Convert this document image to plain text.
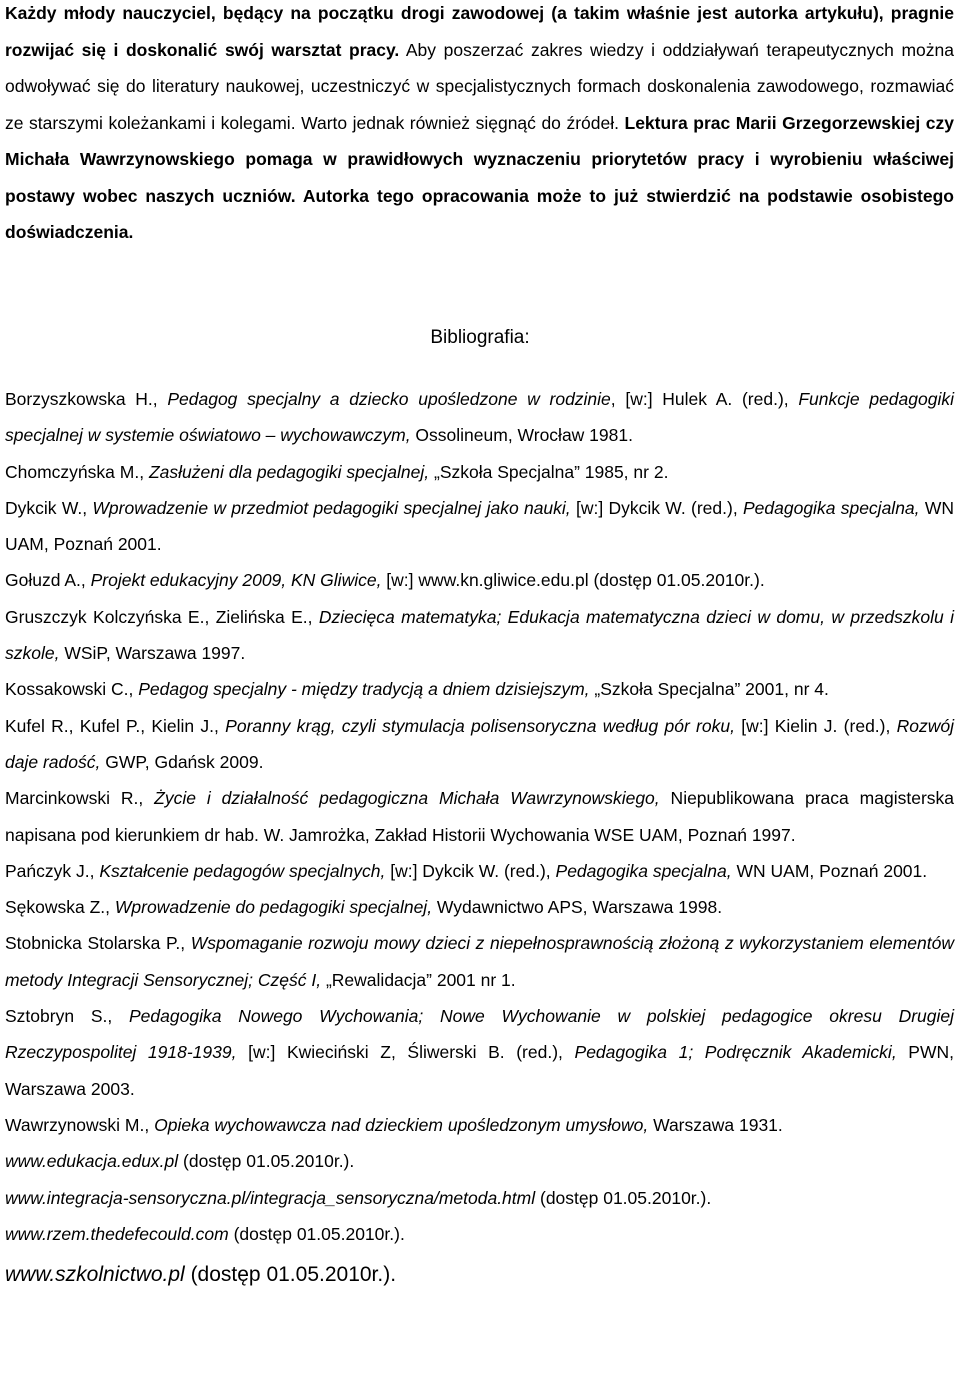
Każdy młody nauczyciel, będący na początku drogi zawodowej (a takim właśnie jest autorka artykułu), pragnie rozwijać się i doskonalić swój warsztat pracy. Aby poszerzać zakres wiedzy i oddziaływań terapeutycznych można odwoływać się do literatury naukowej, uczestniczyć w specjalistycznych formach doskonalenia zawodowego, rozmawiać ze starszymi koleżankami i kolegami. Warto jednak również sięgnąć do źródeł. Lektura prac Marii Grzegorzewskiej czy Michała Wawrzynowskiego pomaga w prawidłowych wyznaczeniu priorytetów pracy i wyrobieniu właściwej postawy wobec naszych uczniów. Autorka tego opracowania może to już stwierdzić na podstawie osobistego doświadczenia.

Bibliografia:
Borzyszkowska H., Pedagog specjalny a dziecko upośledzone w rodzinie, [w:] Hulek A. (red.), Funkcje pedagogiki specjalnej w systemie oświatowo – wychowawczym, Ossolineum, Wrocław 1981.
Chomczyńska M., Zasłużeni dla pedagogiki specjalnej, „Szkoła Specjalna” 1985, nr 2.
Dykcik W., Wprowadzenie w przedmiot pedagogiki specjalnej jako nauki, [w:] Dykcik W. (red.), Pedagogika specjalna, WN UAM, Poznań 2001.
Gołuzd A., Projekt edukacyjny 2009, KN Gliwice, [w:] www.kn.gliwice.edu.pl (dostęp 01.05.2010r.).
Gruszczyk Kolczyńska E., Zielińska E., Dziecięca matematyka; Edukacja matematyczna dzieci w domu, w przedszkolu i szkole, WSiP, Warszawa 1997.
Kossakowski C., Pedagog specjalny - między tradycją a dniem dzisiejszym, „Szkoła Specjalna” 2001, nr 4.
Kufel R., Kufel P., Kielin J., Poranny krąg, czyli stymulacja polisensoryczna według pór roku, [w:] Kielin J. (red.), Rozwój daje radość, GWP, Gdańsk 2009.
Marcinkowski R., Życie i działalność pedagogiczna Michała Wawrzynowskiego, Niepublikowana praca magisterska napisana pod kierunkiem dr hab. W. Jamrożka, Zakład Historii Wychowania WSE UAM, Poznań 1997.
Pańczyk J., Kształcenie pedagogów specjalnych, [w:] Dykcik W. (red.), Pedagogika specjalna, WN UAM, Poznań 2001.
Sękowska Z., Wprowadzenie do pedagogiki specjalnej, Wydawnictwo APS, Warszawa 1998.
Stobnicka Stolarska P., Wspomaganie rozwoju mowy dzieci z niepełnosprawnością złożoną z wykorzystaniem elementów metody Integracji Sensorycznej; Część I, „Rewalidacja” 2001 nr 1.
Sztobryn S., Pedagogika Nowego Wychowania; Nowe Wychowanie w polskiej pedagogice okresu Drugiej Rzeczypospolitej 1918-1939, [w:] Kwieciński Z, Śliwerski B. (red.), Pedagogika 1; Podręcznik Akademicki, PWN, Warszawa 2003.
Wawrzynowski M., Opieka wychowawcza nad dzieckiem upośledzonym umysłowo, Warszawa 1931.
www.edukacja.edux.pl (dostęp 01.05.2010r.).
www.integracja-sensoryczna.pl/integracja_sensoryczna/metoda.html (dostęp 01.05.2010r.).
www.rzem.thedefecould.com (dostęp 01.05.2010r.).
www.szkolnictwo.pl (dostęp 01.05.2010r.).
